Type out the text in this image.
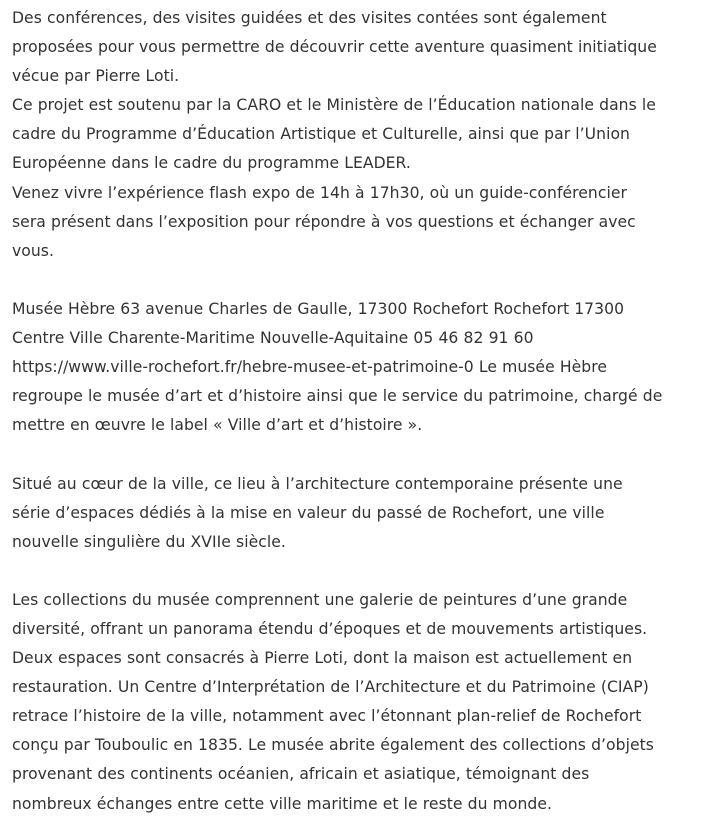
Des conférences, des visites guidées et des visites contées sont également proposées pour vous permettre de découvrir cette aventure quasiment initiatique vécue par Pierre Loti.

Ce projet est soutenu par la CARO et le Ministère de l’Éducation nationale dans le cadre du Programme d’Éducation Artistique et Culturelle, ainsi que par l’Union Européenne dans le cadre du programme LEADER.

Venez vivre l’expérience flash expo de 14h à 17h30, où un guide-conférencier sera présent dans l’exposition pour répondre à vos questions et échanger avec vous.

Musée Hèbre 63 avenue Charles de Gaulle, 17300 Rochefort Rochefort 17300 Centre Ville Charente-Maritime Nouvelle-Aquitaine 05 46 82 91 60 https://www.ville-rochefort.fr/hebre-musee-et-patrimoine-0 Le musée Hèbre regroupe le musée d’art et d’histoire ainsi que le service du patrimoine, chargé de mettre en œuvre le label « Ville d’art et d’histoire ».

Situé au cœur de la ville, ce lieu à l’architecture contemporaine présente une série d’espaces dédiés à la mise en valeur du passé de Rochefort, une ville nouvelle singulière du XVIIe siècle.

Les collections du musée comprennent une galerie de peintures d’une grande diversité, offrant un panorama étendu d’époques et de mouvements artistiques. Deux espaces sont consacrés à Pierre Loti, dont la maison est actuellement en restauration. Un Centre d’Interprétation de l’Architecture et du Patrimoine (CIAP) retrace l’histoire de la ville, notamment avec l’étonnant plan-relief de Rochefort conçu par Touboulic en 1835. Le musée abrite également des collections d’objets provenant des continents océanien, africain et asiatique, témoignant des nombreux échanges entre cette ville maritime et le reste du monde.
